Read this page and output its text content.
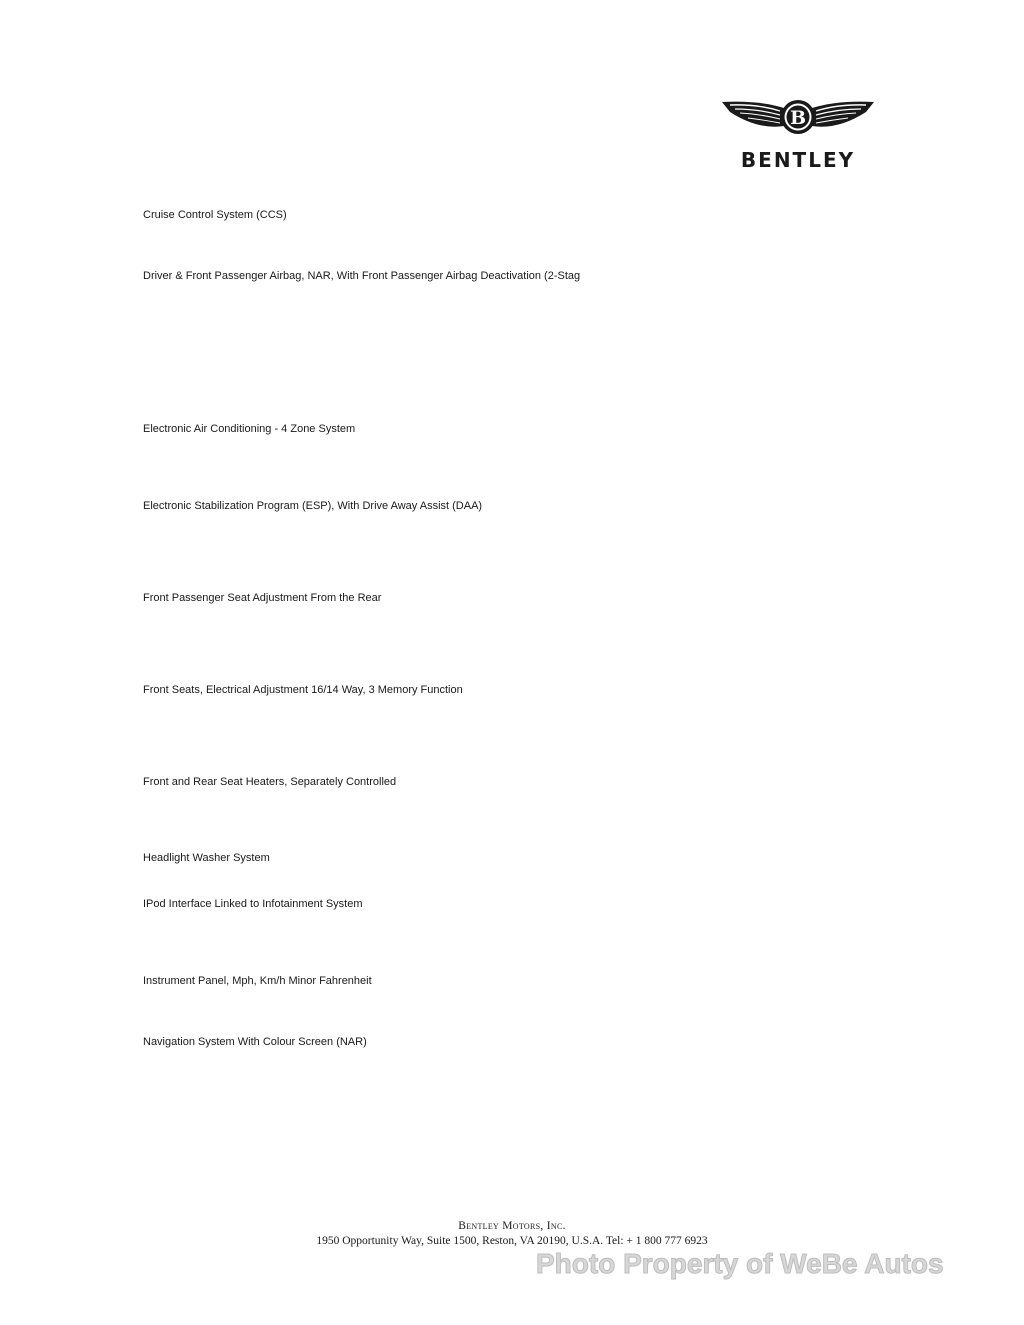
B
BENTLEY
Cruise Control System (CCS)
Driver & Front Passenger Airbag, NAR, With Front Passenger Airbag Deactivation (2-Stag
Electronic Air Conditioning - 4 Zone System
Electronic Stabilization Program (ESP), With Drive Away Assist (DAA)
Front Passenger Seat Adjustment From the Rear
Front Seats, Electrical Adjustment 16/14 Way, 3 Memory Function
Front and Rear Seat Heaters, Separately Controlled
Headlight Washer System
IPod Interface Linked to Infotainment System
Instrument Panel, Mph, Km/h Minor Fahrenheit
Navigation System With Colour Screen (NAR)
Bentley Motors, Inc.
1950 Opportunity Way, Suite 1500, Reston, VA 20190, U.S.A. Tel: + 1 800 777 6923
Photo Property of WeBe Autos
